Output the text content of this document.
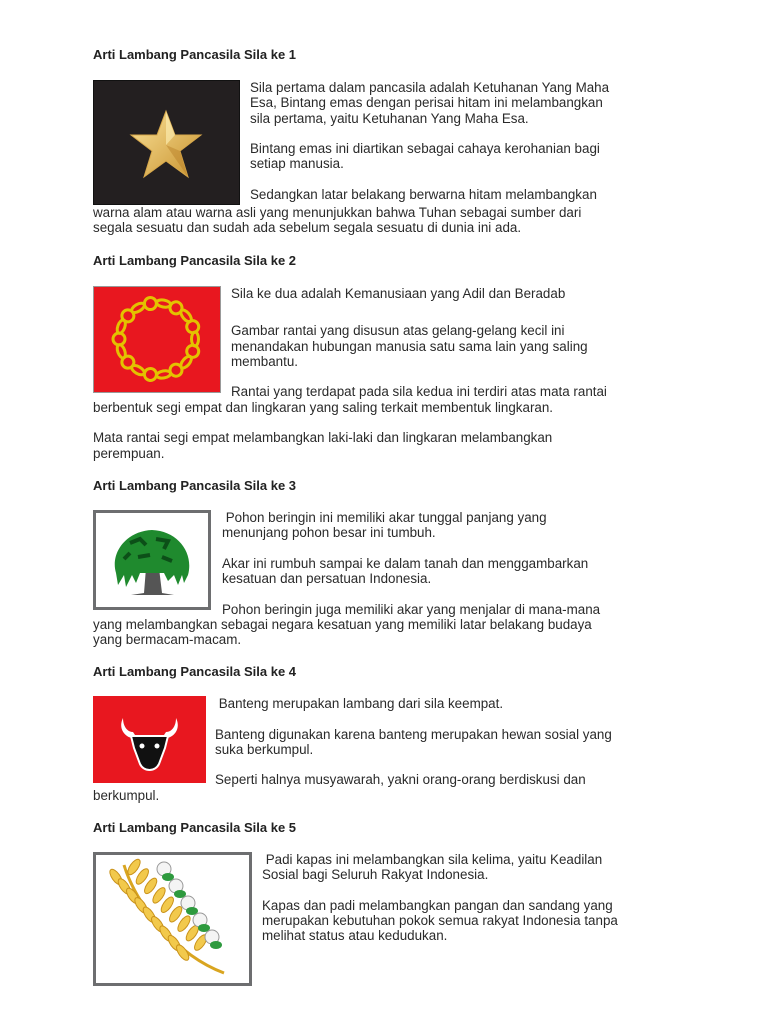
Arti Lambang Pancasila Sila ke 1
Sila pertama dalam pancasila adalah Ketuhanan Yang Maha
Esa, Bintang emas dengan perisai hitam ini melambangkan
sila pertama, yaitu Ketuhanan Yang Maha Esa.
Bintang emas ini diartikan sebagai cahaya kerohanian bagi
setiap manusia.
Sedangkan latar belakang berwarna hitam melambangkan
warna alam atau warna asli yang menunjukkan bahwa Tuhan sebagai sumber dari
segala sesuatu dan sudah ada sebelum segala sesuatu di dunia ini ada.
Arti Lambang Pancasila Sila ke 2
Sila ke dua adalah Kemanusiaan yang Adil dan Beradab
Gambar rantai yang disusun atas gelang-gelang kecil ini
menandakan hubungan manusia satu sama lain yang saling
membantu.
Rantai yang terdapat pada sila kedua ini terdiri atas mata rantai
berbentuk segi empat dan lingkaran yang saling terkait membentuk lingkaran.
Mata rantai segi empat melambangkan laki-laki dan lingkaran melambangkan
perempuan.
Arti Lambang Pancasila Sila ke 3
Pohon beringin ini memiliki akar tunggal panjang yang
menunjang pohon besar ini tumbuh.
Akar ini rumbuh sampai ke dalam tanah dan menggambarkan
kesatuan dan persatuan Indonesia.
Pohon beringin juga memiliki akar yang menjalar di mana-mana
yang melambangkan sebagai negara kesatuan yang memiliki latar belakang budaya
yang bermacam-macam.
Arti Lambang Pancasila Sila ke 4
Banteng merupakan lambang dari sila keempat.
Banteng digunakan karena banteng merupakan hewan sosial yang
suka berkumpul.
Seperti halnya musyawarah, yakni orang-orang berdiskusi dan
berkumpul.
Arti Lambang Pancasila Sila ke 5
Padi kapas ini melambangkan sila kelima, yaitu Keadilan
Sosial bagi Seluruh Rakyat Indonesia.
Kapas dan padi melambangkan pangan dan sandang yang
merupakan kebutuhan pokok semua rakyat Indonesia tanpa
melihat status atau kedudukan.
